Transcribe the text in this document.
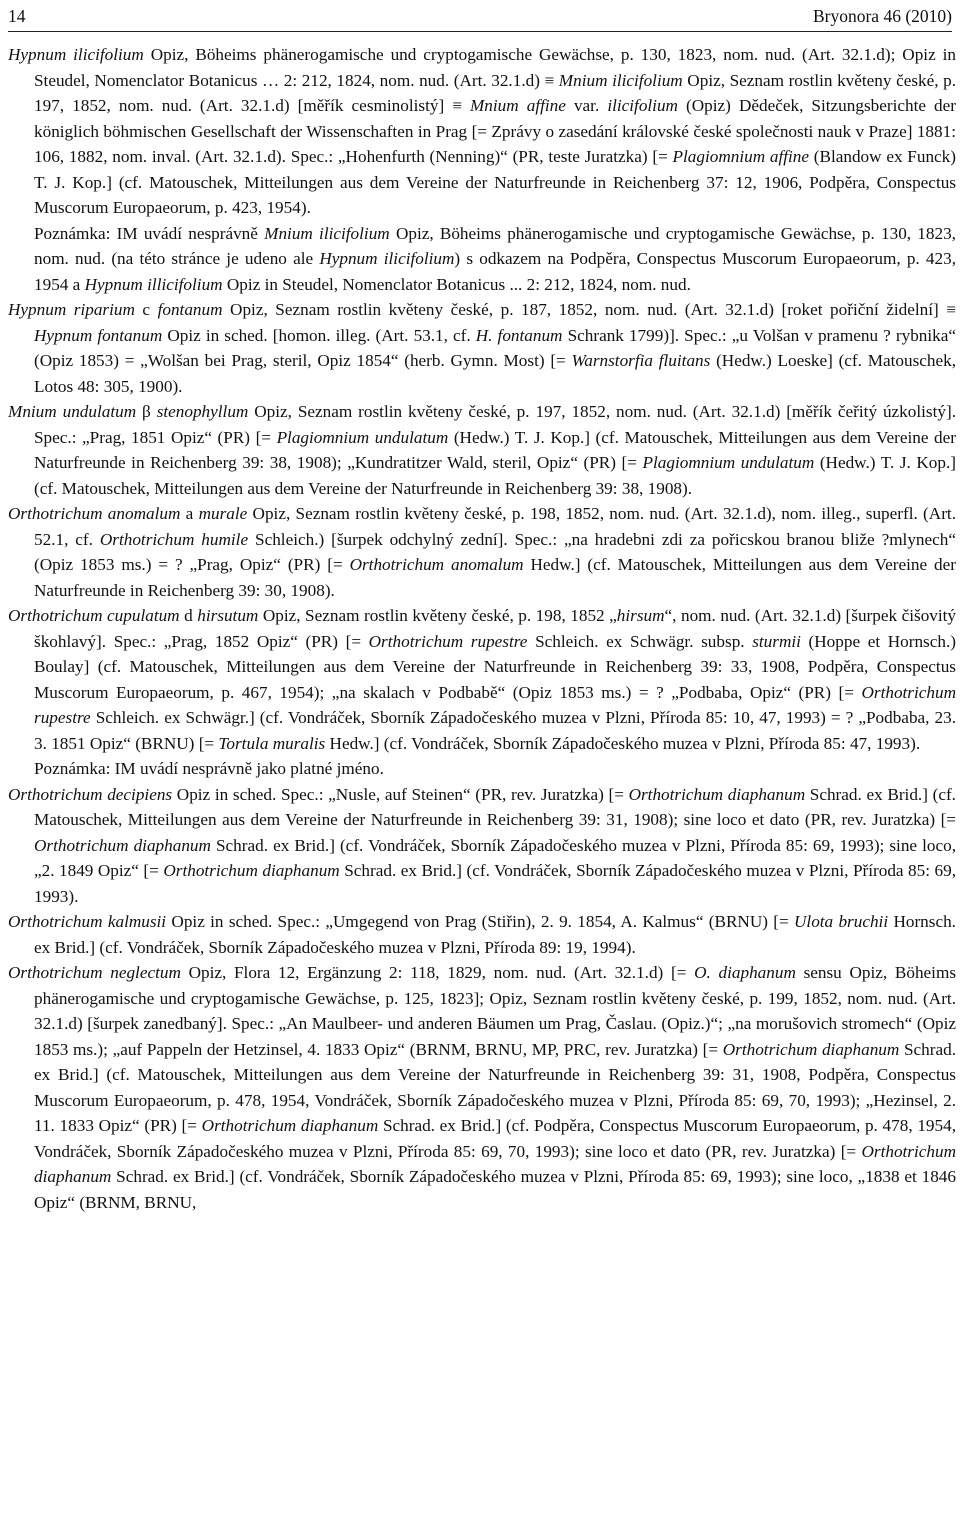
14	Bryonora 46 (2010)

Hypnum ilicifolium Opiz, Böheims phänerogamische und cryptogamische Gewächse, p. 130, 1823, nom. nud. (Art. 32.1.d); Opiz in Steudel, Nomenclator Botanicus … 2: 212, 1824, nom. nud. (Art. 32.1.d) ≡ Mnium ilicifolium Opiz, Seznam rostlin květeny české, p. 197, 1852, nom. nud. (Art. 32.1.d) [měřík cesminolistý] ≡ Mnium affine var. ilicifolium (Opiz) Dědeček, Sitzungsberichte der königlich böhmischen Gesellschaft der Wissenschaften in Prag [= Zprávy o zasedání královské české společnosti nauk v Praze] 1881: 106, 1882, nom. inval. (Art. 32.1.d). Spec.: „Hohenfurth (Nenning)“ (PR, teste Juratzka) [= Plagiomnium affine (Blandow ex Funck) T. J. Kop.] (cf. Matouschek, Mitteilungen aus dem Vereine der Naturfreunde in Reichenberg 37: 12, 1906, Podpěra, Conspectus Muscorum Europaeorum, p. 423, 1954).

Poznámka: IM uvádí nesprávně Mnium ilicifolium Opiz, Böheims phänerogamische und cryptogamische Gewächse, p. 130, 1823, nom. nud. (na této stránce je udeno ale Hypnum ilicifolium) s odkazem na Podpěra, Conspectus Muscorum Europaeorum, p. 423, 1954 a Hypnum illicifolium Opiz in Steudel, Nomenclator Botanicus ... 2: 212, 1824, nom. nud.

Hypnum riparium c fontanum Opiz, Seznam rostlin květeny české, p. 187, 1852, nom. nud. (Art. 32.1.d) [roket pořiční židelní] ≡ Hypnum fontanum Opiz in sched. [homon. illeg. (Art. 53.1, cf. H. fontanum Schrank 1799)]. Spec.: „u Volšan v pramenu ? rybnika“ (Opiz 1853) = „Wolšan bei Prag, steril, Opiz 1854“ (herb. Gymn. Most) [= Warnstorfia fluitans (Hedw.) Loeske] (cf. Matouschek, Lotos 48: 305, 1900).

Mnium undulatum β stenophyllum Opiz, Seznam rostlin květeny české, p. 197, 1852, nom. nud. (Art. 32.1.d) [měřík čeřitý úzkolistý]. Spec.: „Prag, 1851 Opiz“ (PR) [= Plagiomnium undulatum (Hedw.) T. J. Kop.] (cf. Matouschek, Mitteilungen aus dem Vereine der Naturfreunde in Reichenberg 39: 38, 1908); „Kundratitzer Wald, steril, Opiz“ (PR) [= Plagiomnium undulatum (Hedw.) T. J. Kop.] (cf. Matouschek, Mitteilungen aus dem Vereine der Naturfreunde in Reichenberg 39: 38, 1908).

Orthotrichum anomalum a murale Opiz, Seznam rostlin květeny české, p. 198, 1852, nom. nud. (Art. 32.1.d), nom. illeg., superfl. (Art. 52.1, cf. Orthotrichum humile Schleich.) [šurpek odchylný zední]. Spec.: „na hradebni zdi za pořicskou branou bliže ?mlynech“ (Opiz 1853 ms.) = ? „Prag, Opiz“ (PR) [= Orthotrichum anomalum Hedw.] (cf. Matouschek, Mitteilungen aus dem Vereine der Naturfreunde in Reichenberg 39: 30, 1908).

Orthotrichum cupulatum d hirsutum Opiz, Seznam rostlin květeny české, p. 198, 1852 „hirsum“, nom. nud. (Art. 32.1.d) [šurpek čišovitý škohlavý]. Spec.: „Prag, 1852 Opiz“ (PR) [= Orthotrichum rupestre Schleich. ex Schwägr. subsp. sturmii (Hoppe et Hornsch.) Boulay] (cf. Matouschek, Mitteilungen aus dem Vereine der Naturfreunde in Reichenberg 39: 33, 1908, Podpěra, Conspectus Muscorum Europaeorum, p. 467, 1954); „na skalach v Podbabě“ (Opiz 1853 ms.) = ? „Podbaba, Opiz“ (PR) [= Orthotrichum rupestre Schleich. ex Schwägr.] (cf. Vondráček, Sborník Západočeského muzea v Plzni, Příroda 85: 10, 47, 1993) = ? „Podbaba, 23. 3. 1851 Opiz“ (BRNU) [= Tortula muralis Hedw.] (cf. Vondráček, Sborník Západočeského muzea v Plzni, Příroda 85: 47, 1993).

Poznámka: IM uvádí nesprávně jako platné jméno.

Orthotrichum decipiens Opiz in sched. Spec.: „Nusle, auf Steinen“ (PR, rev. Juratzka) [= Orthotrichum diaphanum Schrad. ex Brid.] (cf. Matouschek, Mitteilungen aus dem Vereine der Naturfreunde in Reichenberg 39: 31, 1908); sine loco et dato (PR, rev. Juratzka) [= Orthotrichum diaphanum Schrad. ex Brid.] (cf. Vondráček, Sborník Západočeského muzea v Plzni, Příroda 85: 69, 1993); sine loco, „2. 1849 Opiz“ [= Orthotrichum diaphanum Schrad. ex Brid.] (cf. Vondráček, Sborník Západočeského muzea v Plzni, Příroda 85: 69, 1993).

Orthotrichum kalmusii Opiz in sched. Spec.: „Umgegend von Prag (Stiřin), 2. 9. 1854, A. Kalmus“ (BRNU) [= Ulota bruchii Hornsch. ex Brid.] (cf. Vondráček, Sborník Západočeského muzea v Plzni, Příroda 89: 19, 1994).

Orthotrichum neglectum Opiz, Flora 12, Ergänzung 2: 118, 1829, nom. nud. (Art. 32.1.d) [= O. diaphanum sensu Opiz, Böheims phänerogamische und cryptogamische Gewächse, p. 125, 1823]; Opiz, Seznam rostlin květeny české, p. 199, 1852, nom. nud. (Art. 32.1.d) [šurpek zanedbaný]. Spec.: „An Maulbeer- und anderen Bäumen um Prag, Časlau. (Opiz.)“; „na morušovich stromech“ (Opiz 1853 ms.); „auf Pappeln der Hetzinsel, 4. 1833 Opiz“ (BRNM, BRNU, MP, PRC, rev. Juratzka) [= Orthotrichum diaphanum Schrad. ex Brid.] (cf. Matouschek, Mitteilungen aus dem Vereine der Naturfreunde in Reichenberg 39: 31, 1908, Podpěra, Conspectus Muscorum Europaeorum, p. 478, 1954, Vondráček, Sborník Západočeského muzea v Plzni, Příroda 85: 69, 70, 1993); „Hezinsel, 2. 11. 1833 Opiz“ (PR) [= Orthotrichum diaphanum Schrad. ex Brid.] (cf. Podpěra, Conspectus Muscorum Europaeorum, p. 478, 1954, Vondráček, Sborník Západočeského muzea v Plzni, Příroda 85: 69, 70, 1993); sine loco et dato (PR, rev. Juratzka) [= Orthotrichum diaphanum Schrad. ex Brid.] (cf. Vondráček, Sborník Západočeského muzea v Plzni, Příroda 85: 69, 1993); sine loco, „1838 et 1846 Opiz“ (BRNM, BRNU,
